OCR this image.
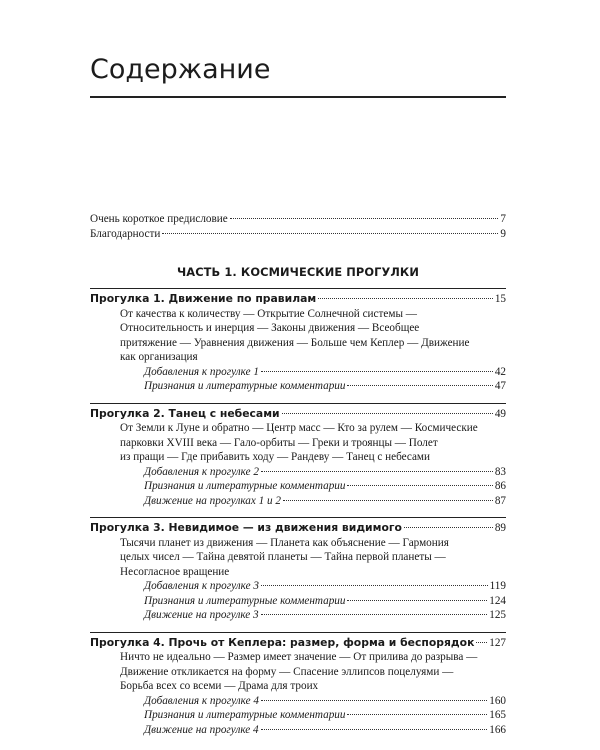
Содержание
Очень короткое предисловие	7
Благодарности	9
ЧАСТЬ 1. КОСМИЧЕСКИЕ ПРОГУЛКИ
Прогулка 1. Движение по правилам	15
От качества к количеству — Открытие Солнечной системы —
Относительность и инерция — Законы движения — Всеобщее
притяжение — Уравнения движения — Больше чем Кеплер — Движение
как организация
Добавления к прогулке 1	42
Признания и литературные комментарии	47
Прогулка 2. Танец с небесами	49
От Земли к Луне и обратно — Центр масс — Кто за рулем — Космические
парковки XVIII века — Гало-орбиты — Греки и троянцы — Полет
из пращи — Где прибавить ходу — Рандеву — Танец с небесами
Добавления к прогулке 2	83
Признания и литературные комментарии	86
Движение на прогулках 1 и 2	87
Прогулка 3. Невидимое — из движения видимого	89
Тысячи планет из движения — Планета как объяснение — Гармония
целых чисел — Тайна девятой планеты — Тайна первой планеты —
Несогласное вращение
Добавления к прогулке 3	119
Признания и литературные комментарии	124
Движение на прогулке 3	125
Прогулка 4. Прочь от Кеплера: размер, форма и беспорядок 127
Ничто не идеально — Размер имеет значение — От прилива до разрыва —
Движение откликается на форму — Спасение эллипсов поцелуями —
Борьба всех со всеми — Драма для троих
Добавления к прогулке 4	160
Признания и литературные комментарии	165
Движение на прогулке 4	166
